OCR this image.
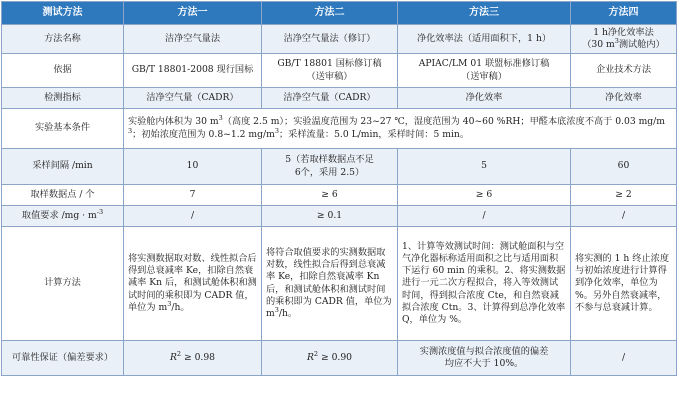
测试方法	方法一	方法二	方法三	方法四
方法名称	洁净空气量法	洁净空气量法（修订）	净化效率法（适用面积下，1 h）	1 h净化效率法
（30 $m^3$测试舱内）

依据	GB/T 18801-2008 现行国标	GB/T 18801 国标修订稿
（送审稿）	APIAC/LM 01 联盟标准修订稿
（送审稿）	企业技术方法
检测指标	洁净空气量（CADR）	洁净空气量（CADR）	净化效率	净化效率
实验基本条件	实验舱内体积为 30 $m^3$（高度 2.5 m）；实验温度范围为 23~27 ℃，湿度范围为 40~60 %RH；甲醛本底浓度不高于 0.03 $mg/m^3$；初始浓度范围为 0.8~1.2 $mg/m^3$；采样流量：5.0 L/min，采样时间：5 min。			
采样间隔 /min	10	5（若取样数据点不足
6个，采用 2.5）	5	60
取样数据点 / 个	7	≥ 6	≥ 6	≥ 2
取值要求 $/mg \cdot m^{-3}$	/	≥ 0.1	/	/
计算方法	将实测数据取对数、线性拟合后得到总衰减率 Ke，扣除自然衰减率 Kn 后，和测试舱体积和测试时间的乘积即为 CADR 值，单位为 $m^3/h$。	将符合取值要求的实测数据取对数，线性拟合后得到总衰减率 Ke，扣除自然衰减率 Kn 后，和测试舱体积和测试时间的乘积即为 CADR 值，单位为 $m^3/h$。	1、计算等效测试时间：测试舱面积与空气净化器标称适用面积之比与适用面积下运行 60 min 的乘积。2、将实测数据进行一元二次方程拟合，将入等效测试时间，得到拟合浓度 Cte，和自然衰减拟合浓度 Ctn。3、计算得到总净化效率 Q，单位为 %。	将实测的 1 h 终止浓度与初始浓度进行计算得到净化效率，单位为 %。另外自然衰减率，不参与总衰减计算。
可靠性保证（偏差要求）	$R^2 \ge 0.98$	$R^2 \ge 0.90$	实测浓度值与拟合浓度值的偏差
均应不大于 10%。	/
